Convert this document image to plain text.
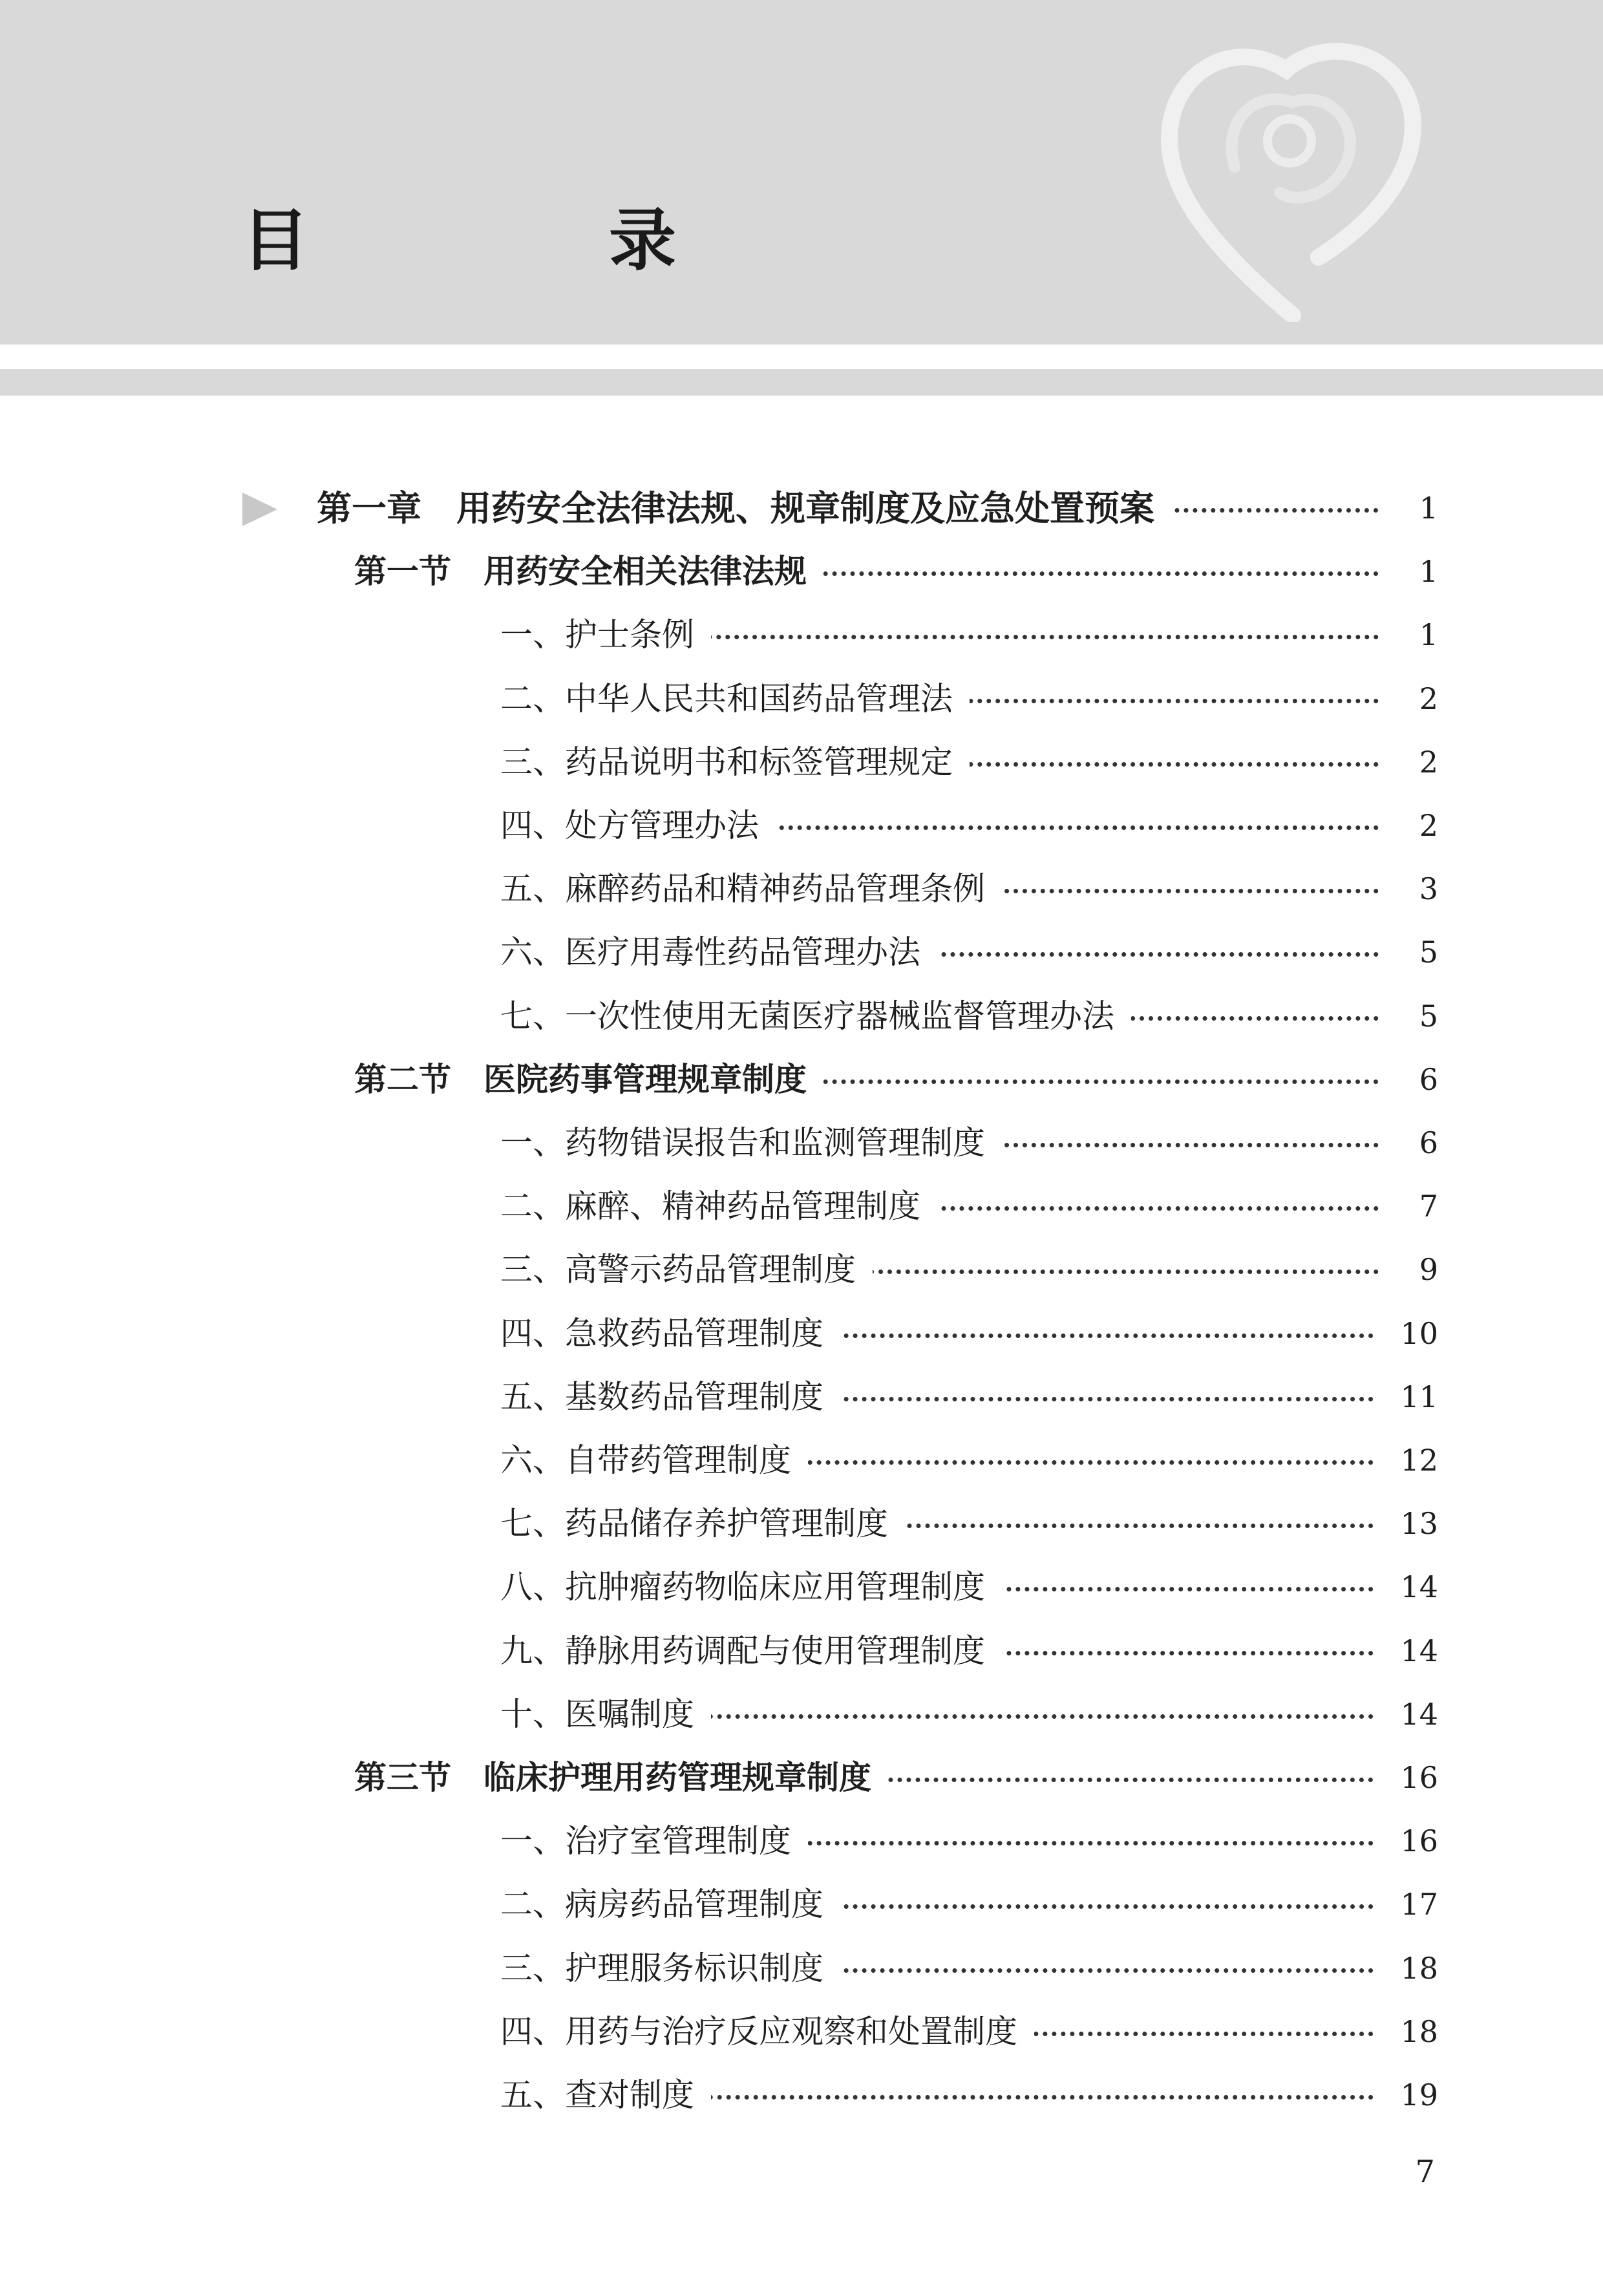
目　录
第一章　用药安全法律法规、规章制度及应急处置预案	1
第一节　用药安全相关法律法规	1
一、护士条例	1
二、中华人民共和国药品管理法	2
三、药品说明书和标签管理规定	2
四、处方管理办法	2
五、麻醉药品和精神药品管理条例	3
六、医疗用毒性药品管理办法	5
七、一次性使用无菌医疗器械监督管理办法	5
第二节　医院药事管理规章制度	6
一、药物错误报告和监测管理制度	6
二、麻醉、精神药品管理制度	7
三、高警示药品管理制度	9
四、急救药品管理制度	10
五、基数药品管理制度	11
六、自带药管理制度	12
七、药品储存养护管理制度	13
八、抗肿瘤药物临床应用管理制度	14
九、静脉用药调配与使用管理制度	14
十、医嘱制度	14
第三节　临床护理用药管理规章制度	16
一、治疗室管理制度	16
二、病房药品管理制度	17
三、护理服务标识制度	18
四、用药与治疗反应观察和处置制度	18
五、查对制度	19
7
